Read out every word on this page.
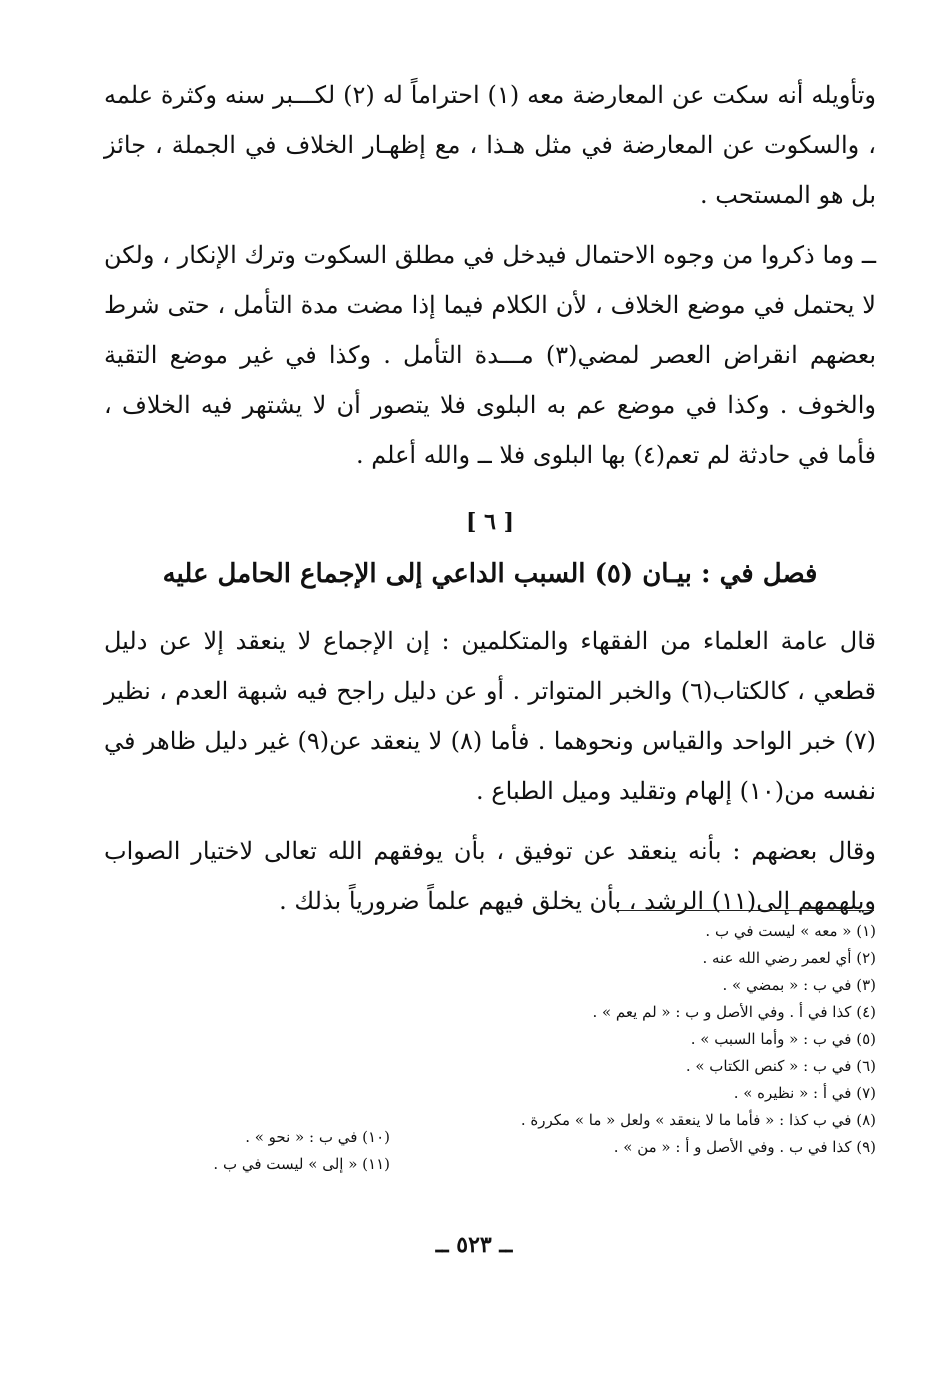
وتأويله أنه سكت عن المعارضة معه (١) احتراماً له (٢) لكـــبر سنه وكثرة علمه ، والسكوت عن المعارضة في مثل هـذا ، مع إظهـار الخلاف في الجملة ، جائز بل هو المستحب .

ــ وما ذكروا من وجوه الاحتمال فيدخل في مطلق السكوت وترك الإنكار ، ولكن لا يحتمل في موضع الخلاف ، لأن الكلام فيما إذا مضت مدة التأمل ، حتى شرط بعضهم انقراض العصر لمضي(٣) مـــدة التأمل . وكذا في غير موضع التقية والخوف . وكذا في موضع عم به البلوى فلا يتصور أن لا يشتهر فيه الخلاف ، فأما في حادثة لم تعم(٤) بها البلوى فلا ــ والله أعلم .

[ ٦ ]
فصل في : بيـان (٥) السبب الداعي إلى الإجماع الحامل عليه

قال عامة العلماء من الفقهاء والمتكلمين : إن الإجماع لا ينعقد إلا عن دليل قطعي ، كالكتاب(٦) والخبر المتواتر . أو عن دليل راجح فيه شبهة العدم ، نظير (٧) خبر الواحد والقياس ونحوهما . فأما (٨) لا ينعقد عن(٩) غير دليل ظاهر في نفسه من(١٠) إلهام وتقليد وميل الطباع .

وقال بعضهم : بأنه ينعقد عن توفيق ، بأن يوفقهم الله تعالى لاختيار الصواب ويلهمهم إلى(١١) الرشد ، بأن يخلق فيهم علماً ضرورياً بذلك .

(١) « معه » ليست في ب .
(٢) أي لعمر رضي الله عنه .
(٣) في ب : « بمضي » .
(٤) كذا في أ . وفي الأصل و ب : « لم يعم » .
(٥) في ب : « وأما السبب » .
(٦) في ب : « كنص الكتاب » .
(٧) في أ : « نظيره » .
(٨) في ب كذا : « فأما ما لا ينعقد » ولعل « ما » مكررة .
(٩) كذا في ب . وفي الأصل و أ : « من » .
(١٠) في ب : « نحو » .
(١١) « إلى » ليست في ب .
ــ ٥٢٣ ــ
